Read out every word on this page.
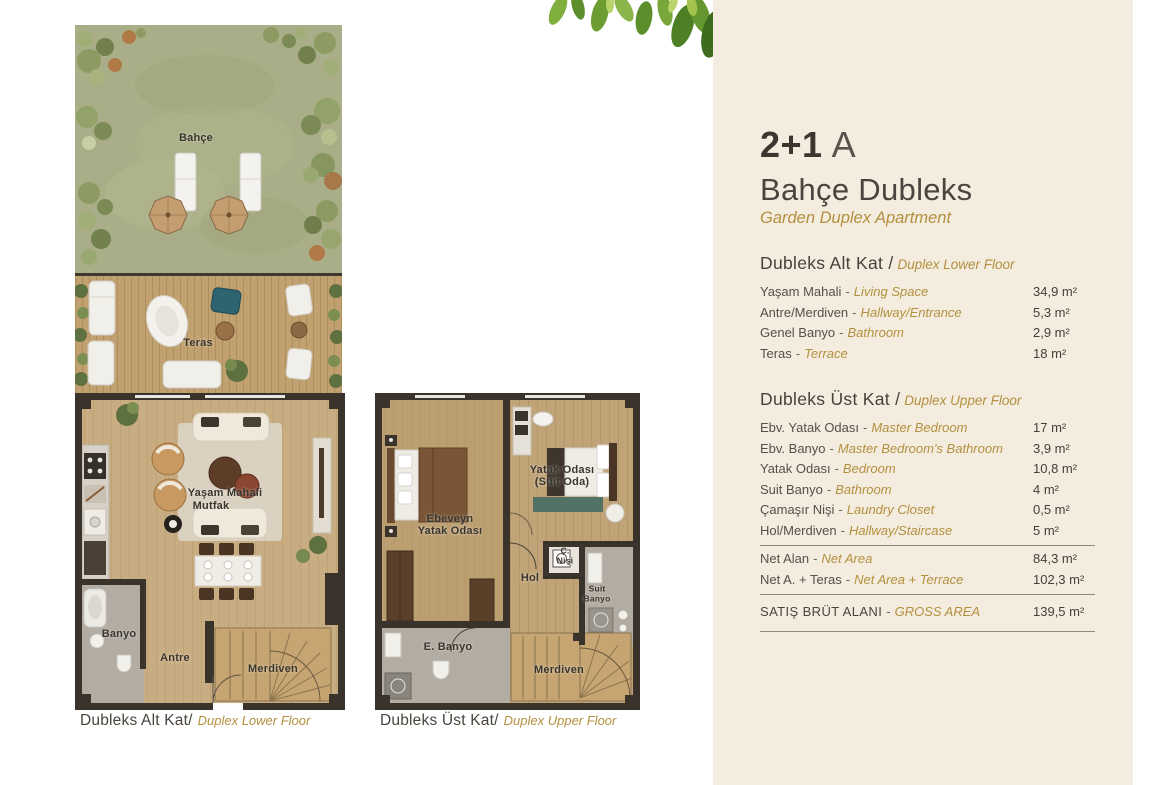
2+1 A
Bahçe Dubleks
Garden Duplex Apartment
Dubleks Alt Kat / Duplex Lower Floor
Yaşam Mahali - Living Space	34,9 m²
Antre/Merdiven - Hallway/Entrance	5,3 m²
Genel Banyo - Bathroom	2,9 m²
Teras - Terrace	18 m²
Dubleks Üst Kat / Duplex Upper Floor
Ebv. Yatak Odası - Master Bedroom	17 m²
Ebv. Banyo - Master Bedroom's Bathroom 3,9 m²
Yatak Odası - Bedroom	10,8 m²
Suit Banyo - Bathroom	4 m²
Çamaşır Nişi - Laundry Closet	0,5 m²
Hol/Merdiven - Hallway/Staircase	5 m²
Net Alan - Net Area	84,3 m²
Net A. + Teras - Net Area + Terrace	102,3 m²
SATIŞ BRÜT ALANI - GROSS AREA	139,5 m²
Bahçe
Teras
Mutfak
Yaşam Mahali
Banyo
Antre
Merdiven
Ebeveyn
Yatak Odası
Yatak Odası
(Suit Oda)
Ç.
Nişi
Hol
Suit
Banyo
E. Banyo
Merdiven
Dubleks Alt Kat/ Duplex Lower Floor	Dubleks Üst Kat/ Duplex Upper Floor
